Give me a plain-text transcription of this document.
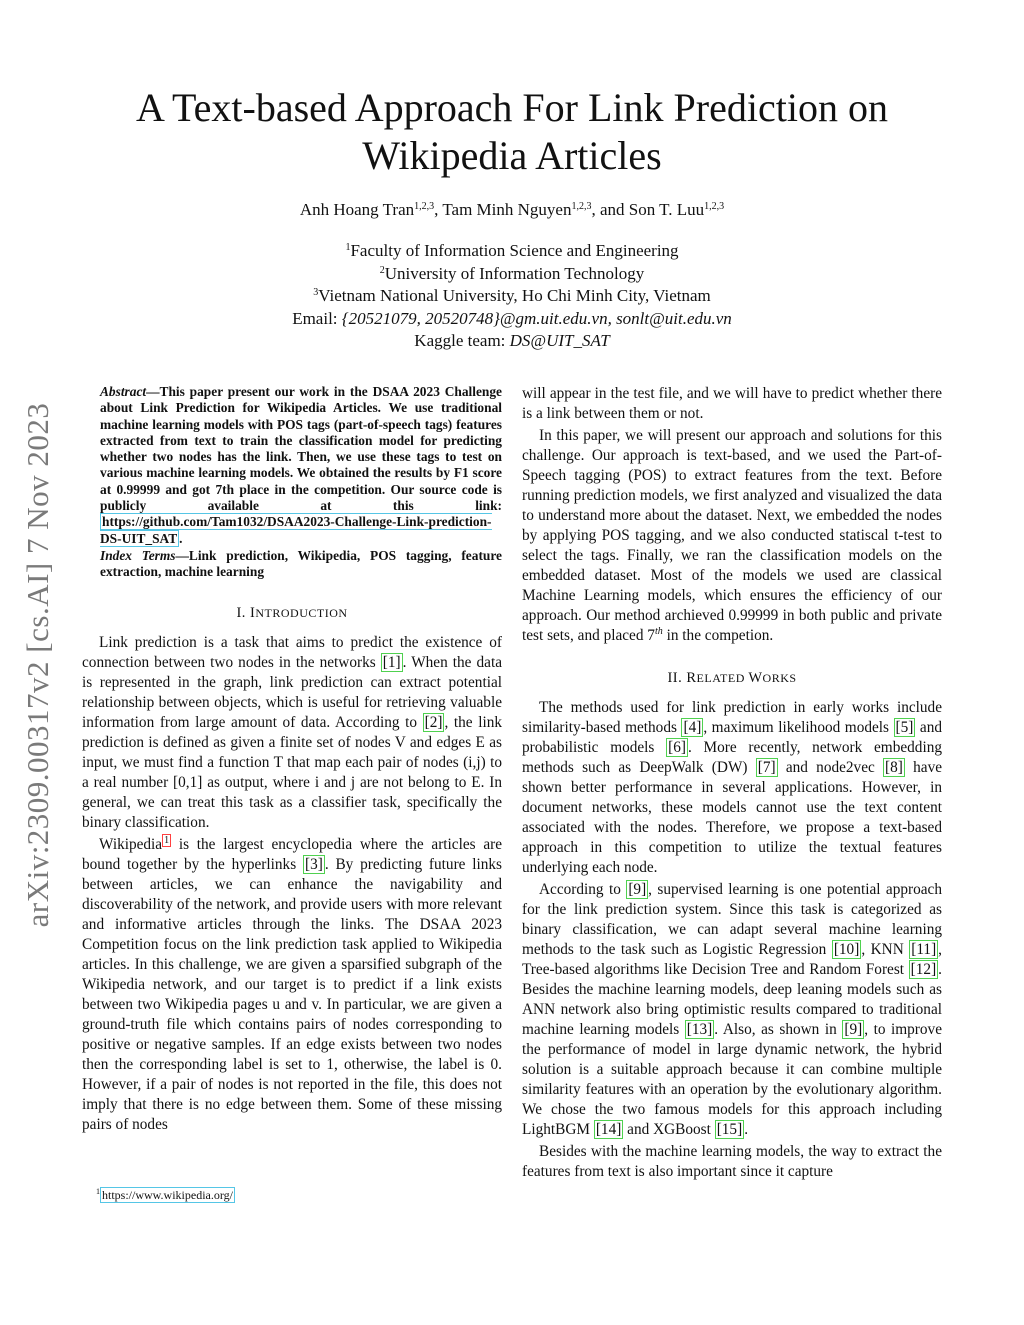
A Text-based Approach For Link Prediction on Wikipedia Articles
Anh Hoang Tran$^{1,2,3}$, Tam Minh Nguyen$^{1,2,3}$, and Son T. Luu$^{1,2,3}$
$^1$Faculty of Information Science and Engineering
$^2$University of Information Technology
$^3$Vietnam National University, Ho Chi Minh City, Vietnam
Email: {20521079, 20520748}@gm.uit.edu.vn, sonlt@uit.edu.vn
Kaggle team: DS@UIT_SAT
arXiv:2309.00317v2 [cs.AI] 7 Nov 2023
Abstract—This paper present our work in the DSAA 2023 Challenge about Link Prediction for Wikipedia Articles. We use traditional machine learning models with POS tags (part-of-speech tags) features extracted from text to train the classification model for predicting whether two nodes has the link. Then, we use these tags to test on various machine learning models. We obtained the results by F1 score at 0.99999 and got 7th place in the competition. Our source code is publicly available at this link: https://github.com/Tam1032/DSAA2023-Challenge-Link-prediction-DS-UIT_SAT .
Index Terms—Link prediction, Wikipedia, POS tagging, feature extraction, machine learning
I. INTRODUCTION

Link prediction is a task that aims to predict the existence of connection between two nodes in the networks [1] . When the data is represented in the graph, link prediction can extract potential relationship between objects, which is useful for retrieving valuable information from large amount of data. According to [2] , the link prediction is defined as given a finite set of nodes V and edges E as input, we must find a function T that map each pair of nodes (i,j) to a real number [0,1] as output, where i and j are not belong to E. In general, we can treat this task as a classifier task, specifically the binary classification.

Wikipedia $^1$ is the largest encyclopedia where the articles are bound together by the hyperlinks [3] . By predicting future links between articles, we can enhance the navigability and discoverability of the network, and provide users with more relevant and informative articles through the links. The DSAA 2023 Competition focus on the link prediction task applied to Wikipedia articles. In this challenge, we are given a sparsified subgraph of the Wikipedia network, and our target is to predict if a link exists between two Wikipedia pages u and v. In particular, we are given a ground-truth file which contains pairs of nodes corresponding to positive or negative samples. If an edge exists between two nodes then the corresponding label is set to 1, otherwise, the label is 0. However, if a pair of nodes is not reported in the file, this does not imply that there is no edge between them. Some of these missing pairs of nodes

will appear in the test file, and we will have to predict whether there is a link between them or not.

In this paper, we will present our approach and solutions for this challenge. Our approach is text-based, and we used the Part-of-Speech tagging (POS) to extract features from the text. Before running prediction models, we first analyzed and visualized the data to understand more about the dataset. Next, we embedded the nodes by applying POS tagging, and we also conducted statiscal t-test to select the tags. Finally, we ran the classification models on the embedded dataset. Most of the models we used are classical Machine Learning models, which ensures the efficiency of our approach. Our method archieved 0.99999 in both public and private test sets, and placed 7th in the competion.

II. RELATED WORKS

The methods used for link prediction in early works include similarity-based methods [4] , maximum likelihood models [5] and probabilistic models [6] . More recently, network embedding methods such as DeepWalk (DW) [7] and node2vec [8] have shown better performance in several applications. However, in document networks, these models cannot use the text content associated with the nodes. Therefore, we propose a text-based approach in this competition to utilize the textual features underlying each node.

According to [9] , supervised learning is one potential approach for the link prediction system. Since this task is categorized as binary classification, we can adapt several machine learning methods to the task such as Logistic Regression [10] , KNN [11] , Tree-based algorithms like Decision Tree and Random Forest [12] . Besides the machine learning models, deep leaning models such as ANN network also bring optimistic results compared to traditional machine learning models [13] . Also, as shown in [9] , to improve the performance of model in large dynamic network, the hybrid solution is a suitable approach because it can combine multiple similarity features with an operation by the evolutionary algorithm. We chose the two famous models for this approach including LightBGM [14] and XGBoost [15] .

Besides with the machine learning models, the way to extract the features from text is also important since it capture

$^1$ https://www.wikipedia.org/
